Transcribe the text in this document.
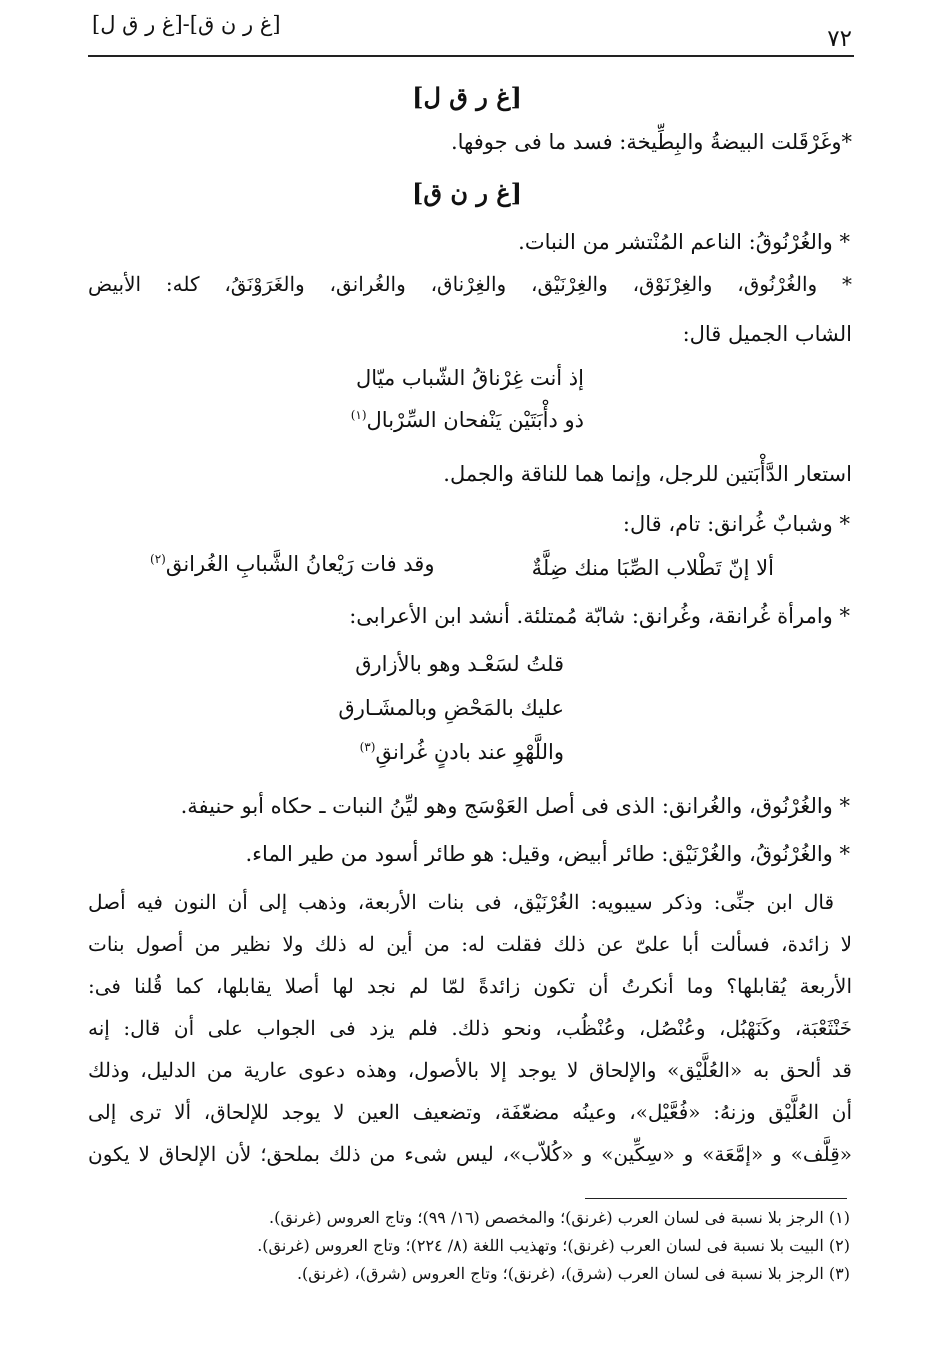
[غ ر ق ل]-[غ ر ن ق]
٧٢
[غ ر ق ل]
*وغَرْقَلت البيضةُ والبِطِّيخة: فسد ما فى جوفها.
[غ ر ن ق]
* والغُرْنُوقُ: الناعم المُنْتشر من النبات.
* والغُرْنُوق، والغِرْنَوْق، والغِرْنَيْق، والغِرْناق، والغُرانق، والغَرَوْنَقُ، كله: الأبيض
الشاب الجميل قال:
إذ أنت غِرْناقُ الشّباب ميّال
ذو دأْبَتَيْن يَنْفحان السِّرْبال$^{(١)}$
استعار الدَّأْبَتين للرجل، وإنما هما للناقة والجمل.
* وشبابٌ غُرانق: تام، قال:
ألا إنّ تَطْلاب الصِّبَا منك ضِلَّةٌ
وقد فات رَيْعانُ الشَّبابِ الغُرانق$^{(٢)}$
* وامرأة غُرانقة، وغُرانق: شابّة مُمتلئة. أنشد ابن الأعرابى:
قلتُ لسَعْـد وهو بالأزارق
عليك بالمَحْضِ وبالمشَـارق
واللَّهْوِ عند بادنٍ غُرانقِ$^{(٣)}$
* والغُرْنُوق، والغُرانق: الذى فى أصل العَوْسَج وهو ليِّنُ النبات ـ حكاه أبو حنيفة.
* والغُرْنُوقُ، والغُرْنَيْق: طائر أبيض، وقيل: هو طائر أسود من طير الماء.
قال ابن جنِّى: وذكر سيبويه: الغُرْنَيْق، فى بنات الأربعة، وذهب إلى أن النون فيه أصل
لا زائدة، فسألت أبا علىّ عن ذلك فقلت له: من أين له ذلك ولا نظير من أصول بنات
الأربعة يُقابلها؟ وما أنكرتُ أن تكون زائدةً لمّا لم نجد لها أصلا يقابلها، كما قُلنا فى:
خَنْثَعْبَة، وكَنَهْبُل، وعُنْصُل، وعُنْظُب، ونحو ذلك. فلم يزد فى الجواب على أن قال: إنه
قد ألحق به «العُلَّيْق» والإلحاق لا يوجد إلا بالأصول، وهذه دعوى عارية من الدليل، وذلك
أن العُلَّيْق وزنهُ: «فُعَّيْل»، وعينُه مضعّفَة، وتضعيف العين لا يوجد للإلحاق، ألا ترى إلى
«قِلَّف» و «إمَّعَة» و «سِكِّين» و «كُلاّب»، ليس شىء من ذلك بملحق؛ لأن الإلحاق لا يكون
(١) الرجز بلا نسبة فى لسان العرب (غرنق)؛ والمخصص (١٦/ ٩٩)؛ وتاج العروس (غرنق).
(٢) البيت بلا نسبة فى لسان العرب (غرنق)؛ وتهذيب اللغة (٨/ ٢٢٤)؛ وتاج العروس (غرنق).
(٣) الرجز بلا نسبة فى لسان العرب (شرق)، (غرنق)؛ وتاج العروس (شرق)، (غرنق).
